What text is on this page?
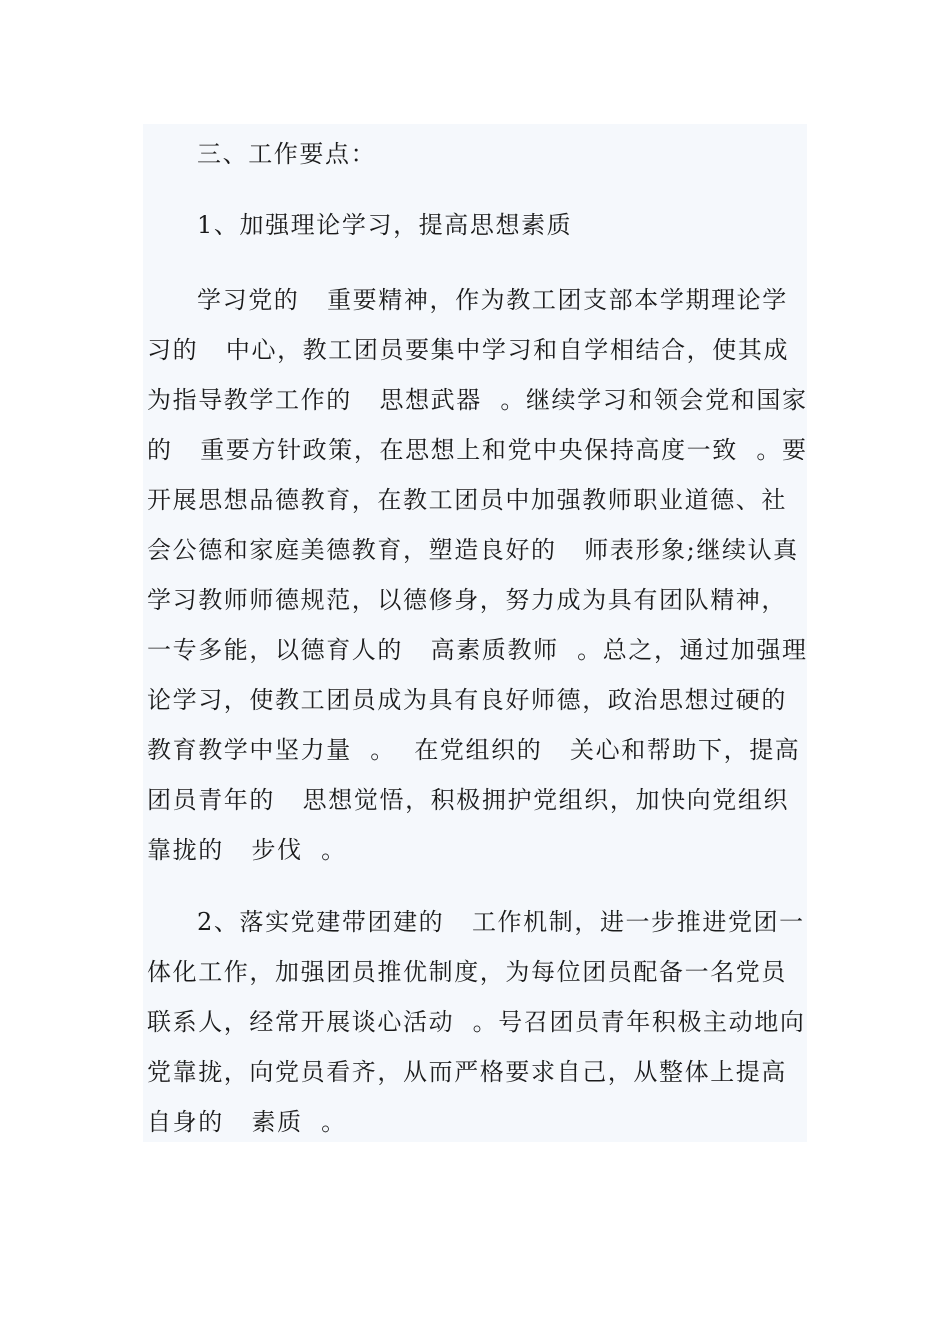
三、工作要点：
1、加强理论学习，提高思想素质
学习党的   重要精神，作为教工团支部本学期理论学
习的   中心，教工团员要集中学习和自学相结合，使其成
为指导教学工作的   思想武器  。继续学习和领会党和国家
的   重要方针政策，在思想上和党中央保持高度一致  。要
开展思想品德教育，在教工团员中加强教师职业道德、社
会公德和家庭美德教育，塑造良好的   师表形象;继续认真
学习教师师德规范，以德修身，努力成为具有团队精神，
一专多能，以德育人的   高素质教师  。总之，通过加强理
论学习，使教工团员成为具有良好师德，政治思想过硬的
教育教学中坚力量  。  在党组织的   关心和帮助下，提高
团员青年的   思想觉悟，积极拥护党组织，加快向党组织
靠拢的   步伐  。
2、落实党建带团建的   工作机制，进一步推进党团一
体化工作，加强团员推优制度，为每位团员配备一名党员
联系人，经常开展谈心活动  。号召团员青年积极主动地向
党靠拢，向党员看齐，从而严格要求自己，从整体上提高
自身的   素质  。
